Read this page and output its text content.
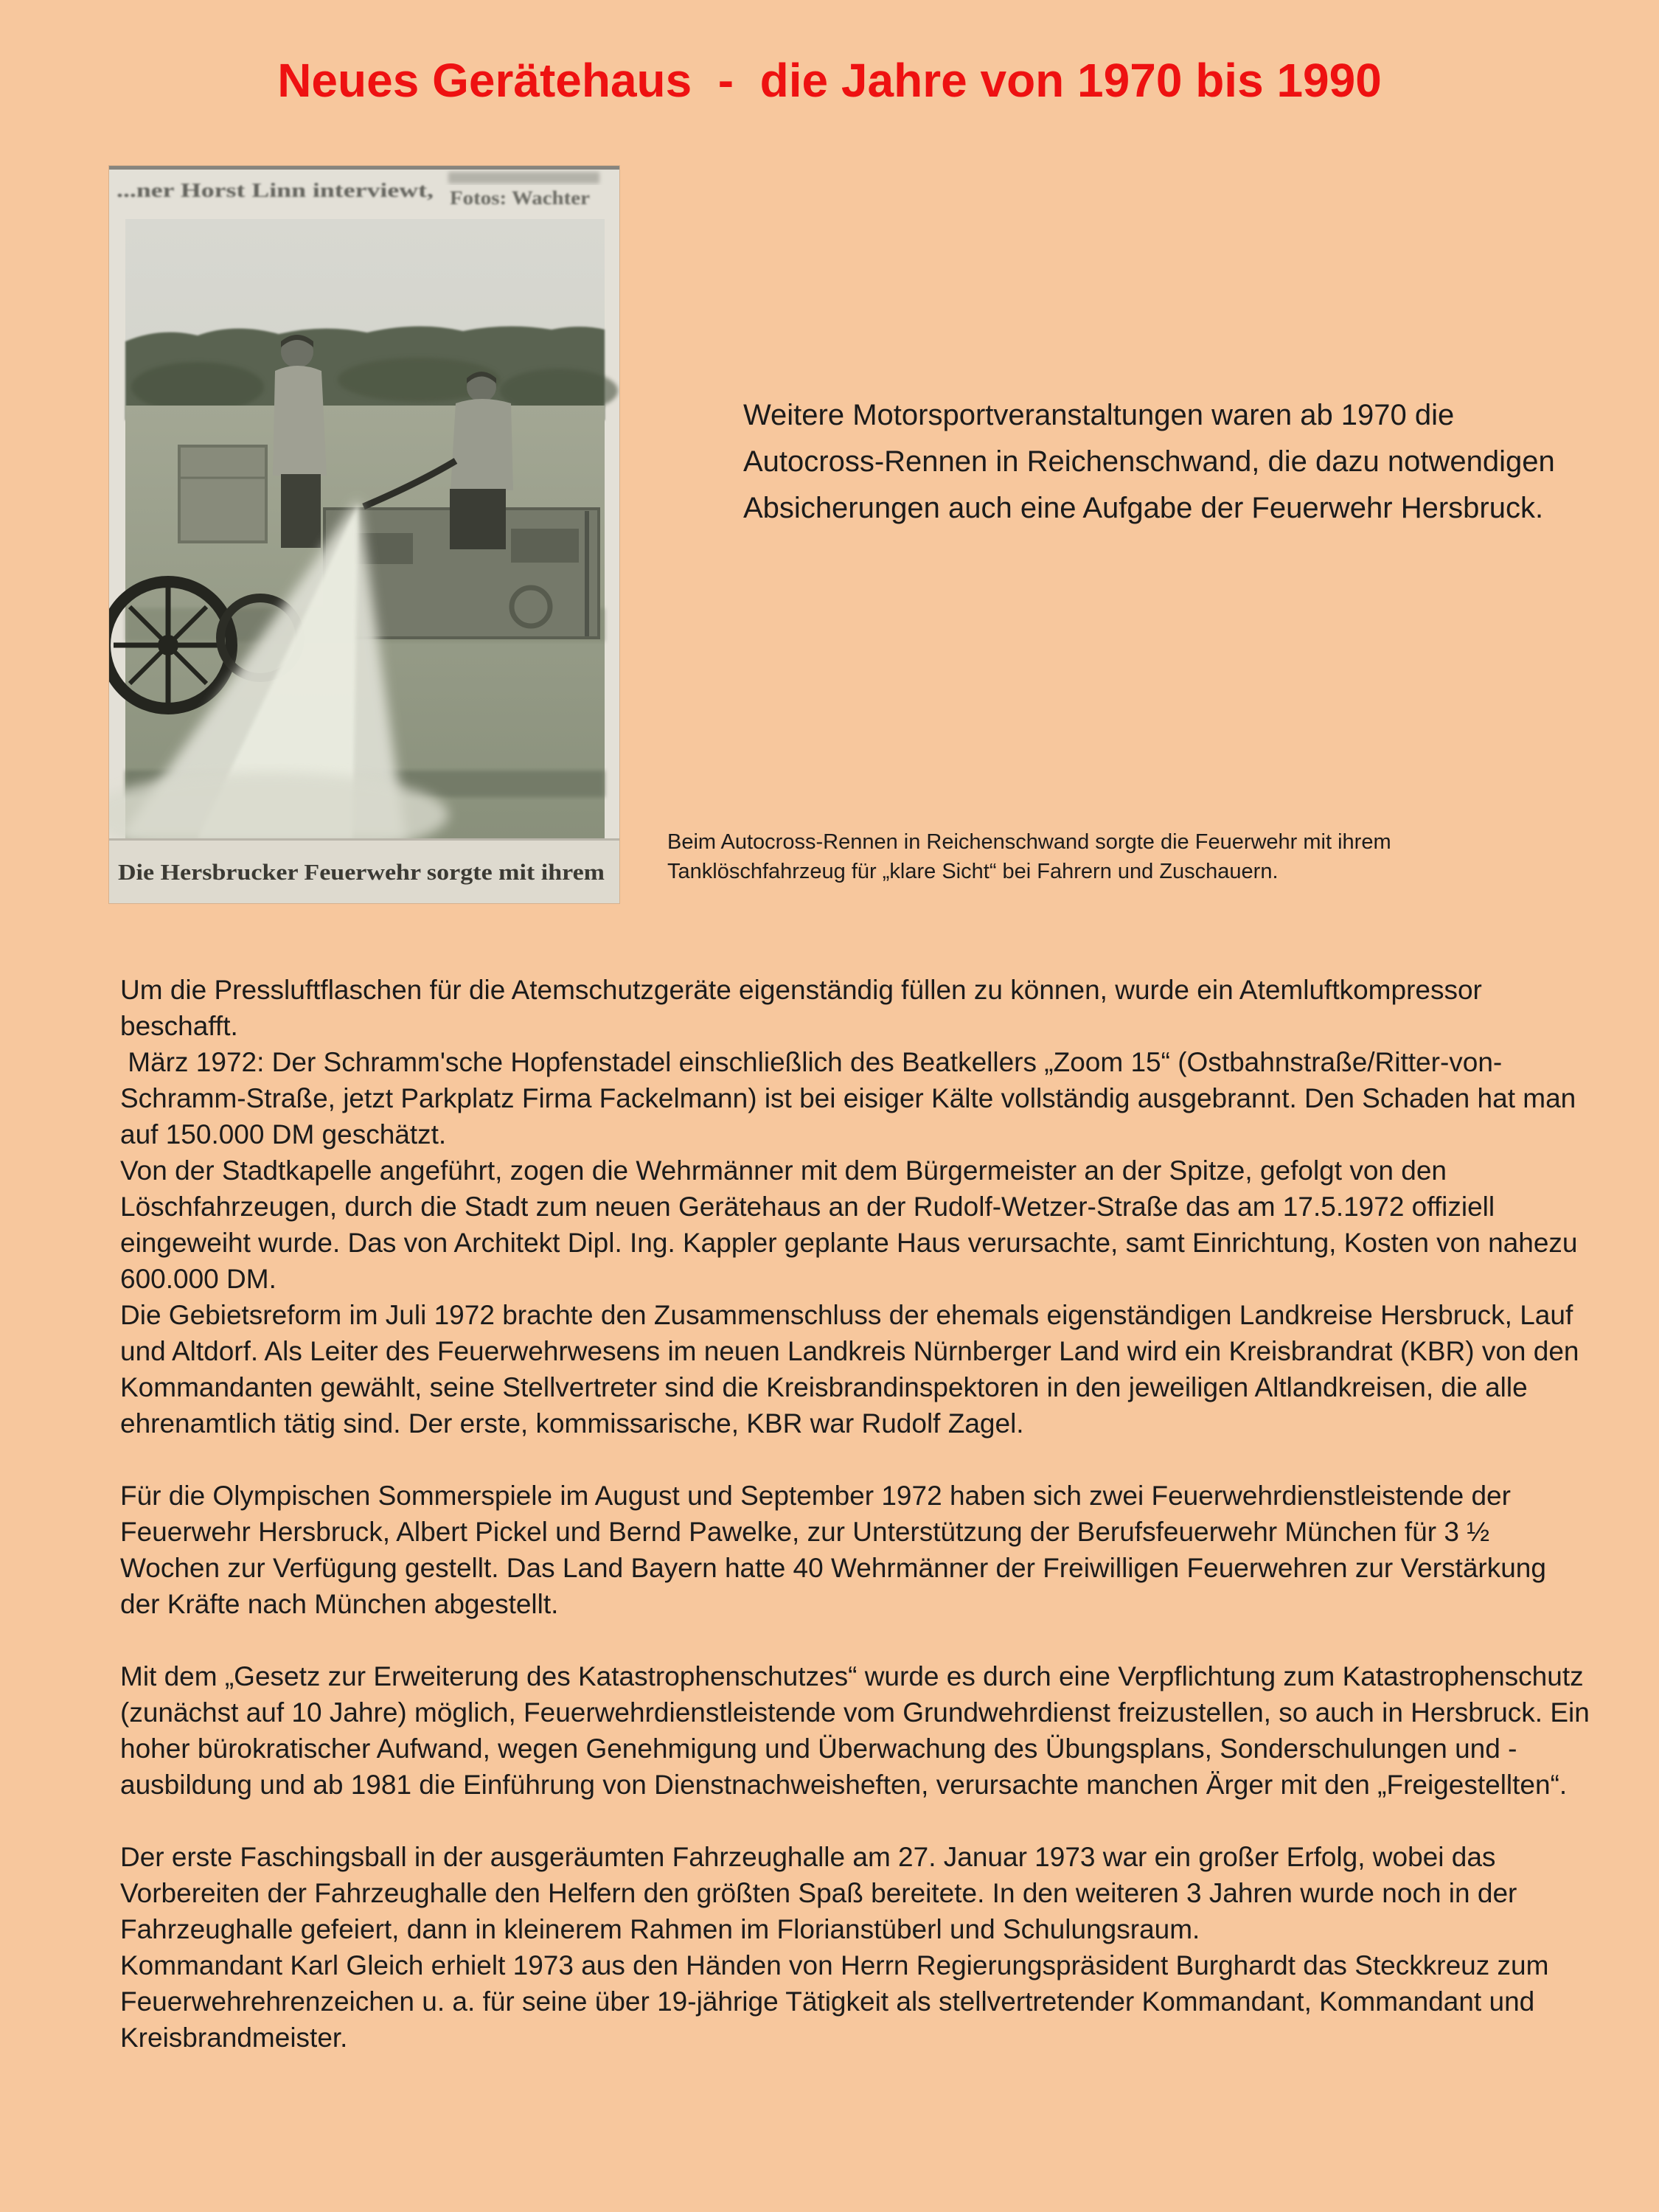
Neues Gerätehaus  -  die Jahre von 1970 bis 1990
...ner Horst Linn interviewt, Fotos: Wachter
Die Hersbrucker Feuerwehr sorgte mit ihrem
Weitere Motorsportveranstaltungen waren ab 1970 die Autocross-Rennen in Reichenschwand, die dazu notwendigen Absicherungen auch eine Aufgabe der Feuerwehr Hersbruck.
Beim Autocross-Rennen in Reichenschwand sorgte die Feuerwehr mit ihrem Tanklöschfahrzeug für „klare Sicht“ bei Fahrern und Zuschauern.

Um die Pressluftflaschen für die Atemschutzgeräte eigenständig füllen zu können, wurde ein Atemluftkompressor beschafft.

März 1972: Der Schramm'sche Hopfenstadel einschließlich des Beatkellers „Zoom 15“ (Ostbahnstraße/Ritter-von-Schramm-Straße, jetzt Parkplatz Firma Fackelmann) ist bei eisiger Kälte vollständig ausgebrannt. Den Schaden hat man auf 150.000 DM geschätzt.

Von der Stadtkapelle angeführt, zogen die Wehrmänner mit dem Bürgermeister an der Spitze, gefolgt von den Löschfahrzeugen, durch die Stadt zum neuen Gerätehaus an der Rudolf-Wetzer-Straße das am 17.5.1972 offiziell eingeweiht wurde. Das von Architekt Dipl. Ing. Kappler geplante Haus verursachte, samt Einrichtung, Kosten von nahezu 600.000 DM.

Die Gebietsreform im Juli 1972 brachte den Zusammenschluss der ehemals eigenständigen Landkreise Hersbruck, Lauf und Altdorf. Als Leiter des Feuerwehrwesens im neuen Landkreis Nürnberger Land wird ein Kreisbrandrat (KBR) von den Kommandanten gewählt, seine Stellvertreter sind die Kreisbrandinspektoren in den jeweiligen Altlandkreisen, die alle ehrenamtlich tätig sind. Der erste, kommissarische, KBR war Rudolf Zagel.

Für die Olympischen Sommerspiele im August und September 1972 haben sich zwei Feuerwehrdienstleistende der Feuerwehr Hersbruck, Albert Pickel und Bernd Pawelke, zur Unterstützung der Berufsfeuerwehr München für 3 ½ Wochen zur Verfügung gestellt. Das Land Bayern hatte 40 Wehrmänner der Freiwilligen Feuerwehren zur Verstärkung der Kräfte nach München abgestellt.

Mit dem „Gesetz zur Erweiterung des Katastrophenschutzes“ wurde es durch eine Verpflichtung zum Katastrophenschutz (zunächst auf 10 Jahre) möglich, Feuerwehrdienstleistende vom Grundwehrdienst freizustellen, so auch in Hersbruck. Ein hoher bürokratischer Aufwand, wegen Genehmigung und Überwachung des Übungsplans, Sonderschulungen und -ausbildung und ab 1981 die Einführung von Dienstnachweisheften, verursachte manchen Ärger mit den „Freigestellten“.

Der erste Faschingsball in der ausgeräumten Fahrzeughalle am 27. Januar 1973 war ein großer Erfolg, wobei das Vorbereiten der Fahrzeughalle den Helfern den größten Spaß bereitete. In den weiteren 3 Jahren wurde noch in der Fahrzeughalle gefeiert, dann in kleinerem Rahmen im Florianstüberl und Schulungsraum.

Kommandant Karl Gleich erhielt 1973 aus den Händen von Herrn Regierungspräsident Burghardt das Steckkreuz zum Feuerwehrehrenzeichen u. a. für seine über 19-jährige Tätigkeit als stellvertretender Kommandant, Kommandant und Kreisbrandmeister.
